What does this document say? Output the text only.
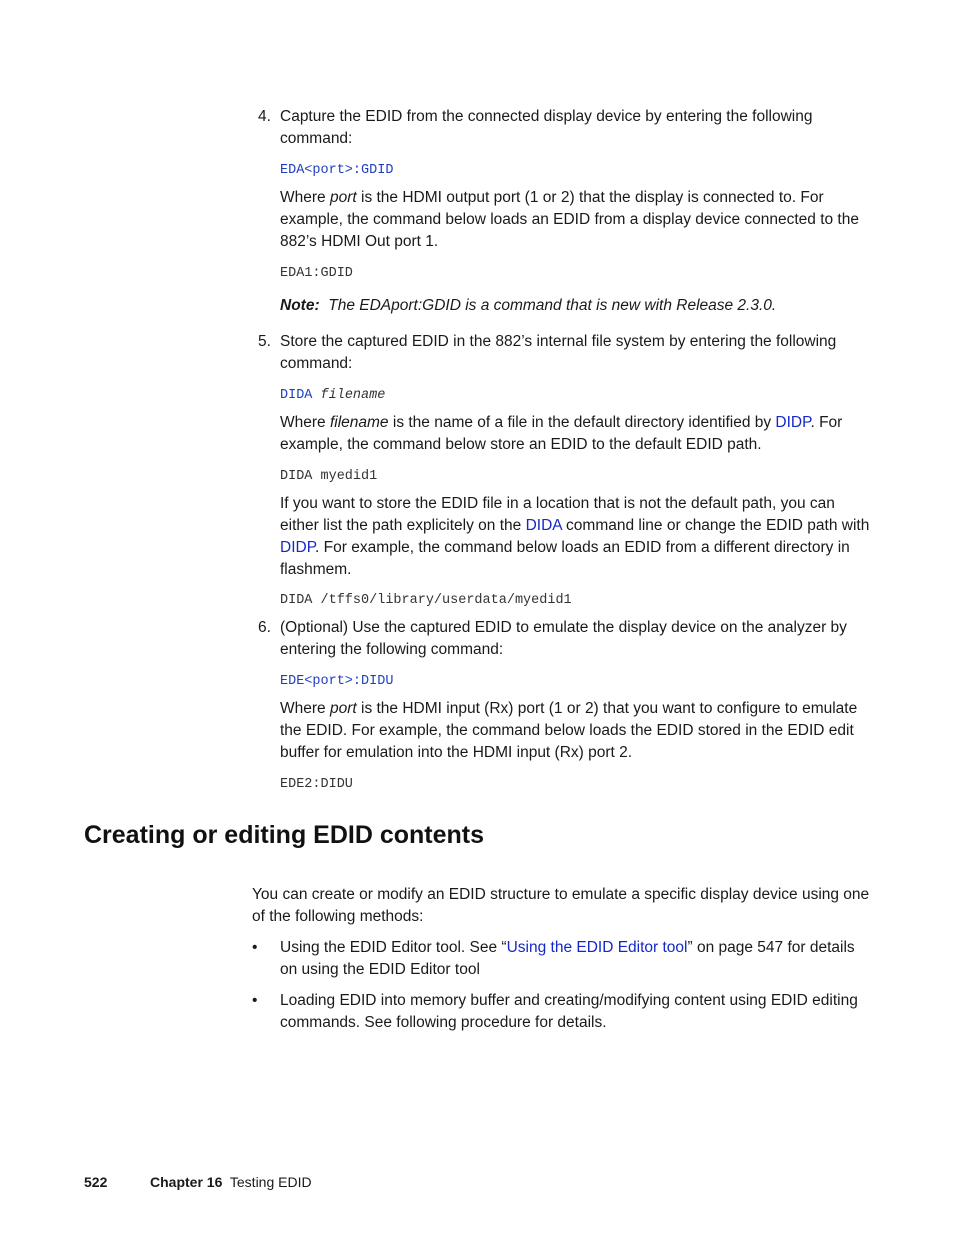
4. Capture the EDID from the connected display device by entering the following command:
EDA<port>:GDID
Where port is the HDMI output port (1 or 2) that the display is connected to. For example, the command below loads an EDID from a display device connected to the 882’s HDMI Out port 1.
EDA1:GDID
Note: The EDAport:GDID is a command that is new with Release 2.3.0.
5. Store the captured EDID in the 882’s internal file system by entering the following command:
DIDA filename
Where filename is the name of a file in the default directory identified by DIDP. For example, the command below store an EDID to the default EDID path.
DIDA myedid1
If you want to store the EDID file in a location that is not the default path, you can either list the path explicitely on the DIDA command line or change the EDID path with DIDP. For example, the command below loads an EDID from a different directory in flashmem.
DIDA /tffs0/library/userdata/myedid1
6. (Optional) Use the captured EDID to emulate the display device on the analyzer by entering the following command:
EDE<port>:DIDU
Where port is the HDMI input (Rx) port (1 or 2) that you want to configure to emulate the EDID. For example, the command below loads the EDID stored in the EDID edit buffer for emulation into the HDMI input (Rx) port 2.
EDE2:DIDU
Creating or editing EDID contents
You can create or modify an EDID structure to emulate a specific display device using one of the following methods:
• Using the EDID Editor tool. See “Using the EDID Editor tool” on page 547 for details on using the EDID Editor tool
• Loading EDID into memory buffer and creating/modifying content using EDID editing commands. See following procedure for details.
522	Chapter 16 Testing EDID
